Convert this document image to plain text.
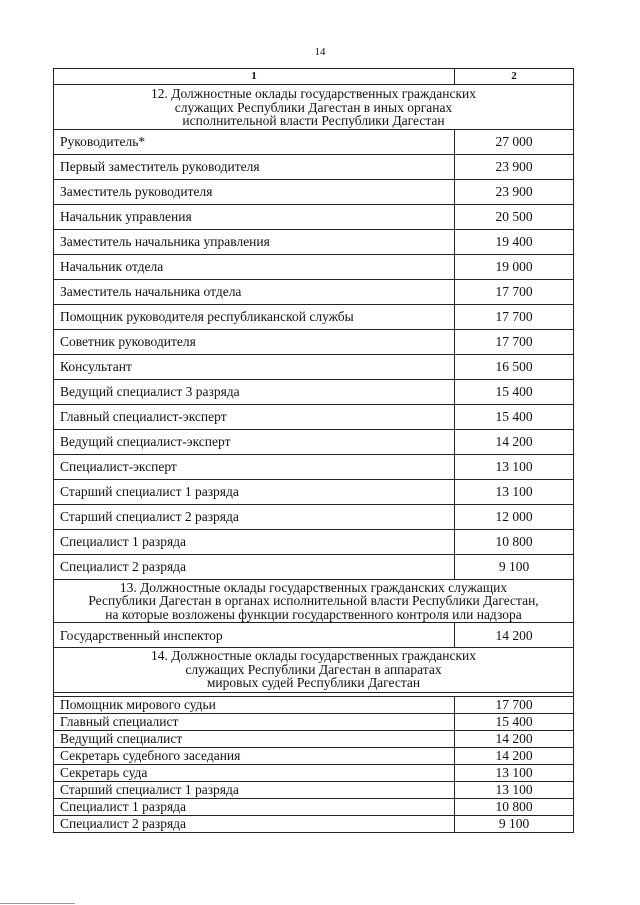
14
1	2

12. Должностные оклады государственных гражданских
служащих Республики Дагестан в иных органах
исполнительной власти Республики Дагестан	

Руководитель*	27 000
Первый заместитель руководителя	23 900
Заместитель руководителя	23 900
Начальник управления	20 500
Заместитель начальника управления	19 400
Начальник отдела	19 000
Заместитель начальника отдела	17 700
Помощник руководителя республиканской службы	17 700
Советник руководителя	17 700
Консультант	16 500
Ведущий специалист 3 разряда	15 400
Главный специалист-эксперт	15 400
Ведущий специалист-эксперт	14 200
Специалист-эксперт	13 100
Старший специалист 1 разряда	13 100
Старший специалист 2 разряда	12 000
Специалист 1 разряда	10 800
Специалист 2 разряда	9 100

13. Должностные оклады государственных гражданских служащих
Республики Дагестан в органах исполнительной власти Республики Дагестан,
на которые возложены функции государственного контроля или надзора	

Государственный инспектор	14 200

14. Должностные оклады государственных гражданских
служащих Республики Дагестан в аппаратах
мировых судей Республики Дагестан	

Помощник мирового судьи	17 700
Главный специалист	15 400
Ведущий специалист	14 200
Секретарь судебного заседания	14 200
Секретарь суда	13 100
Старший специалист 1 разряда	13 100
Специалист 1 разряда	10 800
Специалист 2 разряда	9 100
